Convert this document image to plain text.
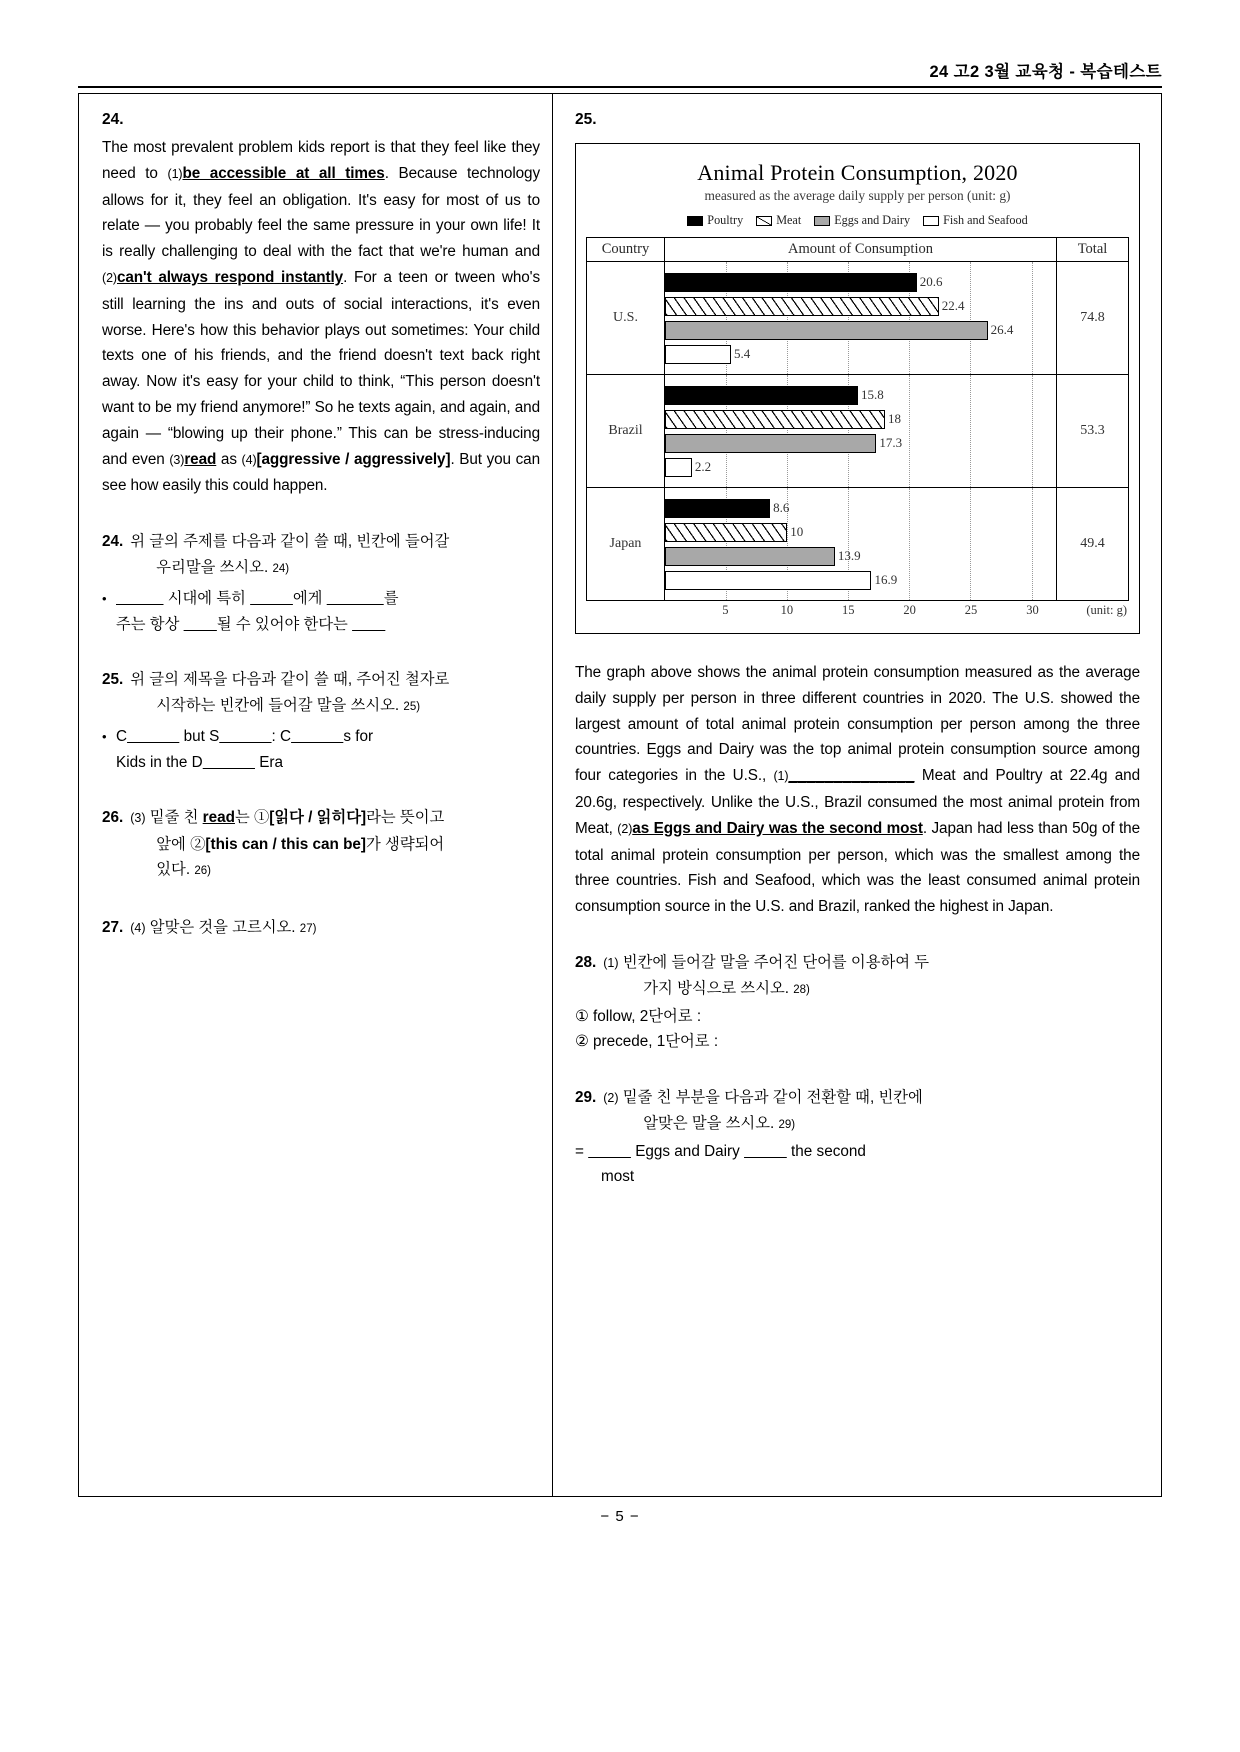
24 고2 3월 교육청 - 복습테스트
24.

The most prevalent problem kids report is that they feel like they need to (1)be accessible at all times. Because technology allows for it, they feel an obligation. It's easy for most of us to relate — you probably feel the same pressure in your own life! It is really challenging to deal with the fact that we're human and (2)can't always respond instantly. For a teen or tween who's still learning the ins and outs of social interactions, it's even worse. Here's how this behavior plays out sometimes: Your child texts one of his friends, and the friend doesn't text back right away. Now it's easy for your child to think, “This person doesn't want to be my friend anymore!” So he texts again, and again, and again — “blowing up their phone.” This can be stress-inducing and even (3)read as (4)[aggressive / aggressively]. But you can see how easily this could happen.

24. 위 글의 주제를 다음과 같이 쓸 때, 빈칸에 들어갈
우리말을 쓰시오. 24)
•	시대에 특히	에게	를
주는 항상 될 수 있어야 한다는
25. 위 글의 제목을 다음과 같이 쓸 때, 주어진 철자로
시작하는 빈칸에 들어갈 말을 쓰시오. 25)
• C	but S	: C	s for
Kids in the D	Era
26. (3) 밑줄 친 read는 ①[읽다 / 읽히다]라는 뜻이고
앞에 ②[this can / this can be]가 생략되어
있다. 26)
27. (4) 알맞은 것을 고르시오. 27)
25.
Animal Protein Consumption, 2020
measured as the average daily supply per person (unit: g)
Poultry	Meat	Eggs and Dairy	Fish and Seafood
Country	Amount of Consumption	Total
U.S.	20.6
22.4
26.4
5.4	74.8
Brazil	15.8
18
17.3
2.2	53.3
Japan	8.6
10
13.9
16.9	49.4
5	10	15	20	25	30	(unit: g)

The graph above shows the animal protein consumption measured as the average daily supply per person in three different countries in 2020. The U.S. showed the largest amount of total animal protein consumption per person among the three countries. Eggs and Dairy was the top animal protein consumption source among four categories in the U.S., (1)______________ Meat and Poultry at 22.4g and 20.6g, respectively. Unlike the U.S., Brazil consumed the most animal protein from Meat, (2)as Eggs and Dairy was the second most. Japan had less than 50g of the total animal protein consumption per person, which was the smallest among the three countries. Fish and Seafood, which was the least consumed animal protein consumption source in the U.S. and Brazil, ranked the highest in Japan.

28. (1) 빈칸에 들어갈 말을 주어진 단어를 이용하여 두
가지 방식으로 쓰시오. 28)
① follow, 2단어로 :
② precede, 1단어로 :
29. (2) 밑줄 친 부분을 다음과 같이 전환할 때, 빈칸에
알맞은 말을 쓰시오. 29)
=	Eggs and Dairy	the second
most
− 5 −
